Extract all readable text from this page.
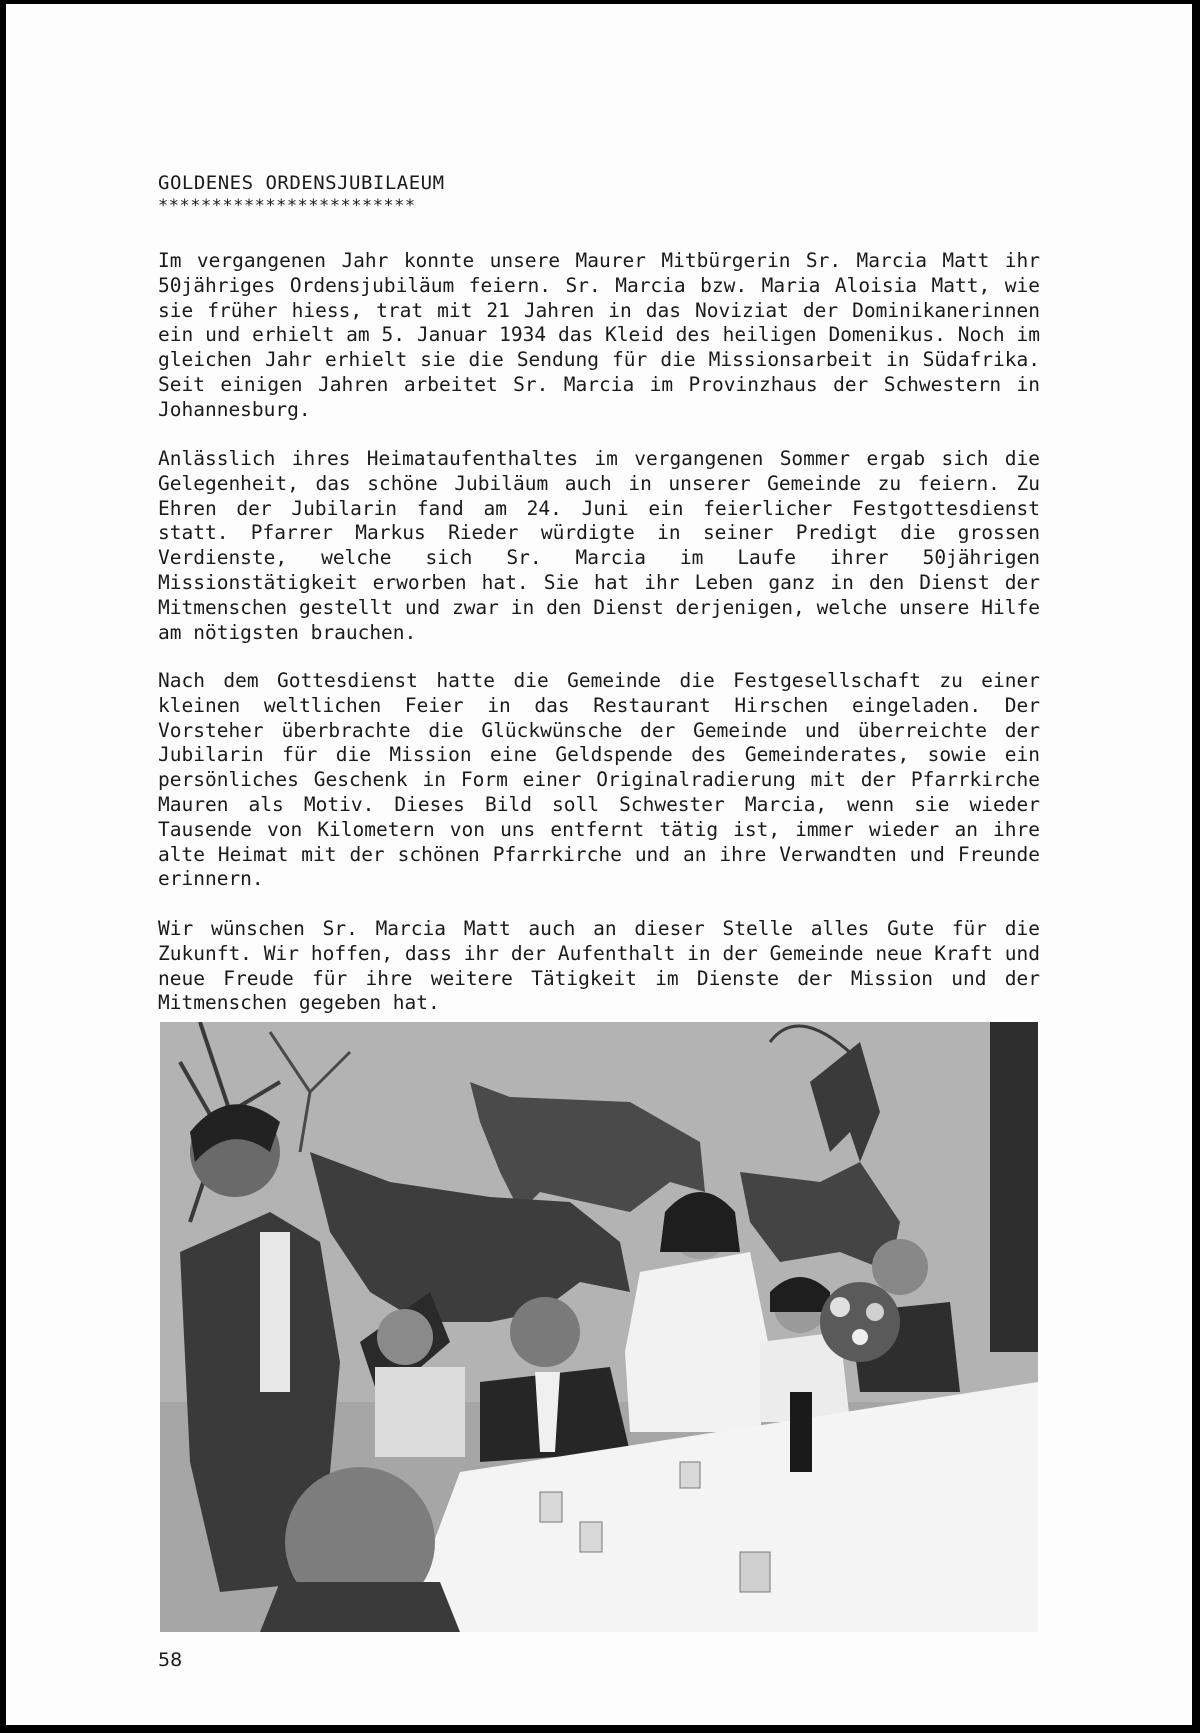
GOLDENES ORDENSJUBILAEUM
************************

Im vergangenen Jahr konnte unsere Maurer Mitbürgerin Sr. Marcia Matt ihr 50jähriges Ordensjubiläum feiern. Sr. Marcia bzw. Maria Aloisia Matt, wie sie früher hiess, trat mit 21 Jahren in das Noviziat der Dominikanerinnen ein und erhielt am 5. Januar 1934 das Kleid des heiligen Domenikus. Noch im gleichen Jahr erhielt sie die Sendung für die Missionsarbeit in Südafrika. Seit einigen Jahren arbeitet Sr. Marcia im Provinzhaus der Schwestern in Johannesburg.

Anlässlich ihres Heimataufenthaltes im vergangenen Sommer ergab sich die Gelegenheit, das schöne Jubiläum auch in unserer Gemeinde zu feiern. Zu Ehren der Jubilarin fand am 24. Juni ein feierlicher Festgottesdienst statt. Pfarrer Markus Rieder würdigte in seiner Predigt die grossen Verdienste, welche sich Sr. Marcia im Laufe ihrer 50jährigen Missionstätigkeit erworben hat. Sie hat ihr Leben ganz in den Dienst der Mitmenschen gestellt und zwar in den Dienst derjenigen, welche unsere Hilfe am nötigsten brauchen.

Nach dem Gottesdienst hatte die Gemeinde die Festgesellschaft zu einer kleinen weltlichen Feier in das Restaurant Hirschen eingeladen. Der Vorsteher überbrachte die Glückwünsche der Gemeinde und überreichte der Jubilarin für die Mission eine Geldspende des Gemeinderates, sowie ein persönliches Geschenk in Form einer Originalradierung mit der Pfarrkirche Mauren als Motiv. Dieses Bild soll Schwester Marcia, wenn sie wieder Tausende von Kilometern von uns entfernt tätig ist, immer wieder an ihre alte Heimat mit der schönen Pfarrkirche und an ihre Verwandten und Freunde erinnern.

Wir wünschen Sr. Marcia Matt auch an dieser Stelle alles Gute für die Zukunft. Wir hoffen, dass ihr der Aufenthalt in der Gemeinde neue Kraft und neue Freude für ihre weitere Tätigkeit im Dienste der Mission und der Mitmenschen gegeben hat.

58
